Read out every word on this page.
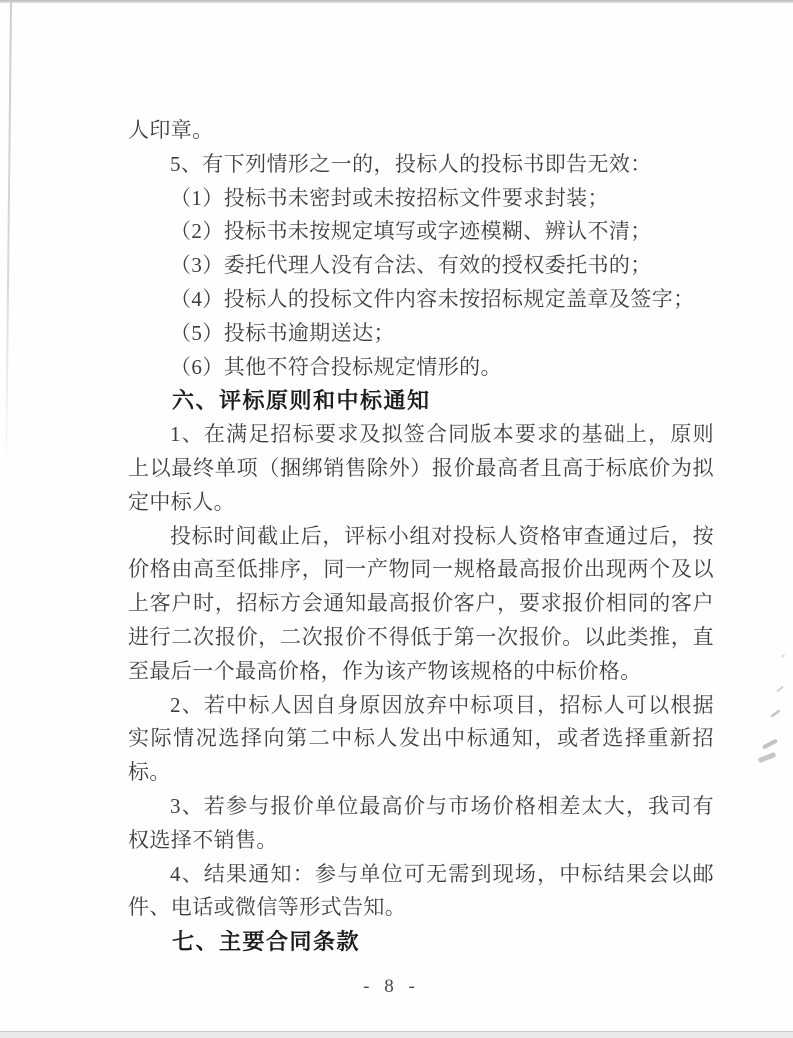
人印章。

5、有下列情形之一的，投标人的投标书即告无效：

（1）投标书未密封或未按招标文件要求封装；

（2）投标书未按规定填写或字迹模糊、辨认不清；

（3）委托代理人没有合法、有效的授权委托书的；

（4）投标人的投标文件内容未按招标规定盖章及签字；

（5）投标书逾期送达；

（6）其他不符合投标规定情形的。

六、评标原则和中标通知

1、在满足招标要求及拟签合同版本要求的基础上，原则上以最终单项（捆绑销售除外）报价最高者且高于标底价为拟定中标人。

投标时间截止后，评标小组对投标人资格审查通过后，按价格由高至低排序，同一产物同一规格最高报价出现两个及以上客户时，招标方会通知最高报价客户，要求报价相同的客户进行二次报价，二次报价不得低于第一次报价。以此类推，直至最后一个最高价格，作为该产物该规格的中标价格。

2、若中标人因自身原因放弃中标项目，招标人可以根据实际情况选择向第二中标人发出中标通知，或者选择重新招标。

3、若参与报价单位最高价与市场价格相差太大，我司有权选择不销售。

4、结果通知：参与单位可无需到现场，中标结果会以邮件、电话或微信等形式告知。

七、主要合同条款

- 8 -
